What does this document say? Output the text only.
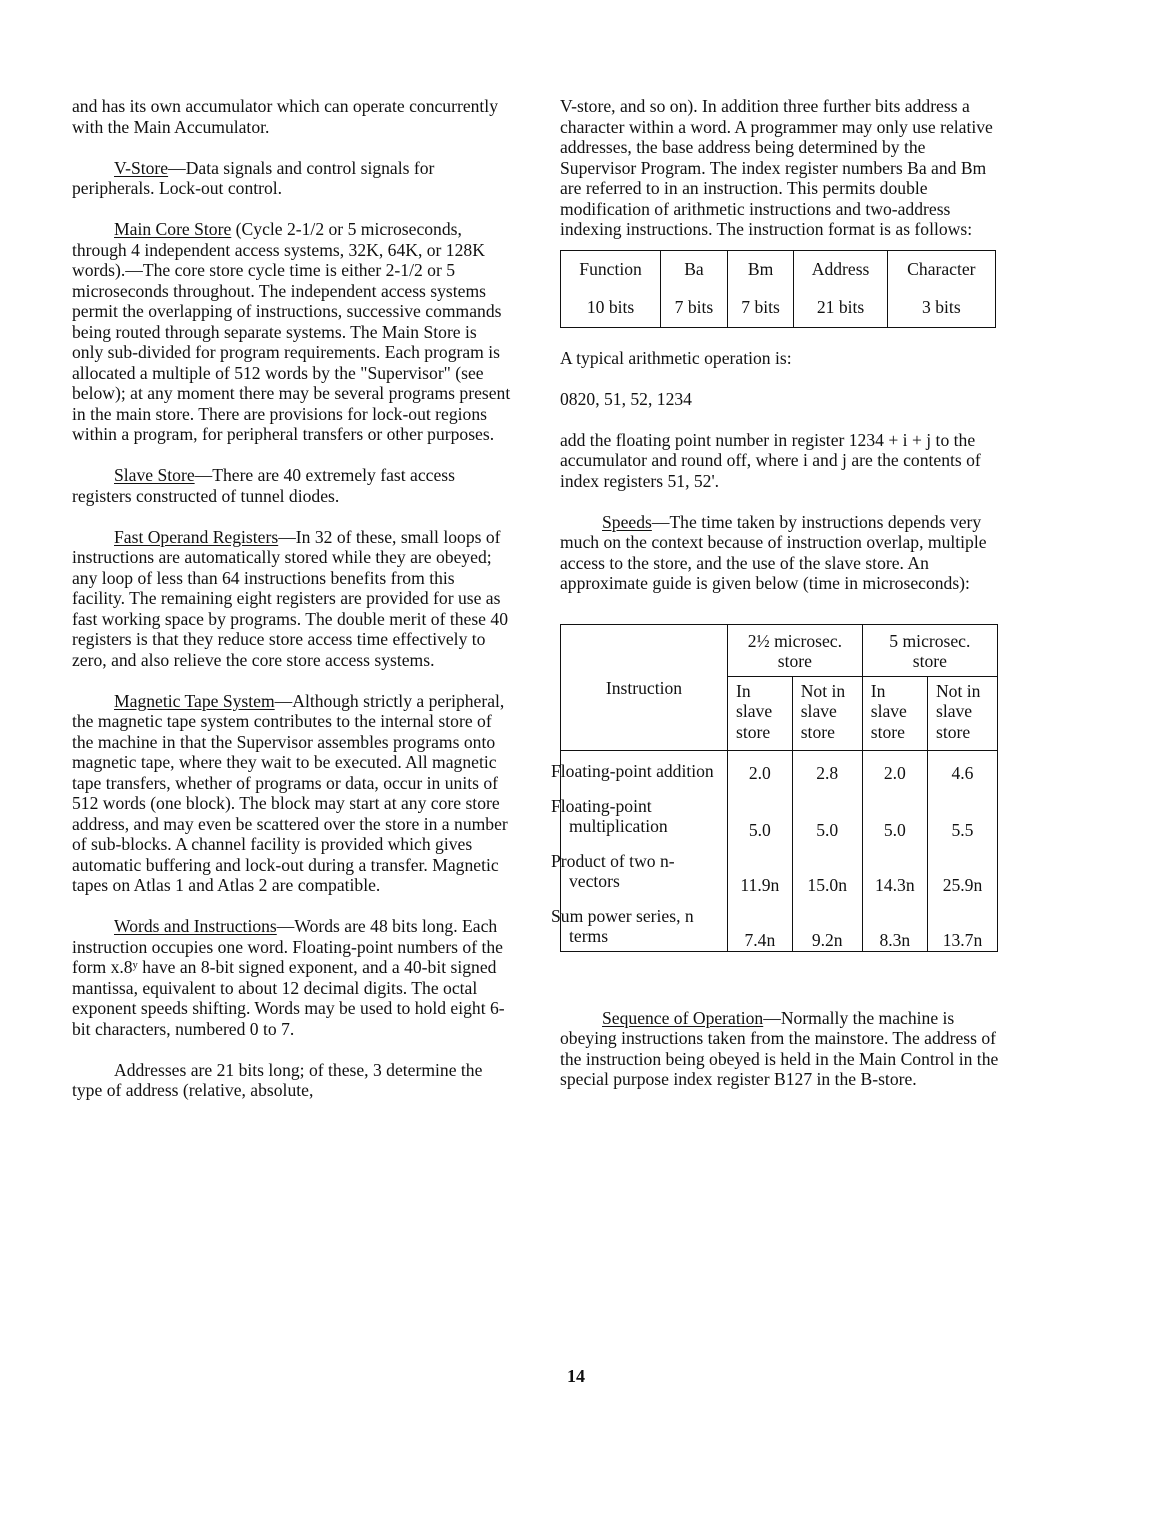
and has its own accumulator which can operate concurrently with the Main Accumulator.

V-Store—Data signals and control signals for peripherals. Lock-out control.

Main Core Store (Cycle 2-1/2 or 5 microseconds, through 4 independent access systems, 32K, 64K, or 128K words).—The core store cycle time is either 2-1/2 or 5 microseconds throughout. The independent access systems permit the overlapping of instructions, successive commands being routed through separate systems. The Main Store is only sub-divided for program requirements. Each program is allocated a multiple of 512 words by the "Supervisor" (see below); at any moment there may be several programs present in the main store. There are provisions for lock-out regions within a program, for peripheral transfers or other purposes.

Slave Store—There are 40 extremely fast access registers constructed of tunnel diodes.

Fast Operand Registers—In 32 of these, small loops of instructions are automatically stored while they are obeyed; any loop of less than 64 instructions benefits from this facility. The remaining eight registers are provided for use as fast working space by programs. The double merit of these 40 registers is that they reduce store access time effectively to zero, and also relieve the core store access systems.

Magnetic Tape System—Although strictly a peripheral, the magnetic tape system contributes to the internal store of the machine in that the Supervisor assembles programs onto magnetic tape, where they wait to be executed. All magnetic tape transfers, whether of programs or data, occur in units of 512 words (one block). The block may start at any core store address, and may even be scattered over the store in a number of sub-blocks. A channel facility is provided which gives automatic buffering and lock-out during a transfer. Magnetic tapes on Atlas 1 and Atlas 2 are compatible.

Words and Instructions—Words are 48 bits long. Each instruction occupies one word. Floating-point numbers of the form x.8ʸ have an 8-bit signed exponent, and a 40-bit signed mantissa, equivalent to about 12 decimal digits. The octal exponent speeds shifting. Words may be used to hold eight 6-bit characters, numbered 0 to 7.

Addresses are 21 bits long; of these, 3 determine the type of address (relative, absolute,

V-store, and so on). In addition three further bits address a character within a word. A programmer may only use relative addresses, the base address being determined by the Supervisor Program. The index register numbers Ba and Bm are referred to in an instruction. This permits double modification of arithmetic instructions and two-address indexing instructions. The instruction format is as follows:

Function	Ba	Bm	Address	Character
10 bits	7 bits	7 bits	21 bits	3 bits

A typical arithmetic operation is:

0820, 51, 52, 1234

add the floating point number in register 1234 + i + j to the accumulator and round off, where i and j are the contents of index registers 51, 52'.

Speeds—The time taken by instructions depends very much on the context because of instruction overlap, multiple access to the store, and the use of the slave store. An approximate guide is given below (time in microseconds):

Instruction	2½ microsec. store		5 microsec. store	
	In slave store	Not in slave store	In slave store	Not in slave store
Floating-point addition	2.0	2.8	2.0	4.6
Floating-point multiplication	5.0	5.0	5.0	5.5
Product of two n-vectors	11.9n	15.0n	14.3n	25.9n
Sum power series, n terms	7.4n	9.2n	8.3n	13.7n

Sequence of Operation—Normally the machine is obeying instructions taken from the mainstore. The address of the instruction being obeyed is held in the Main Control in the special purpose index register B127 in the B-store.

14
